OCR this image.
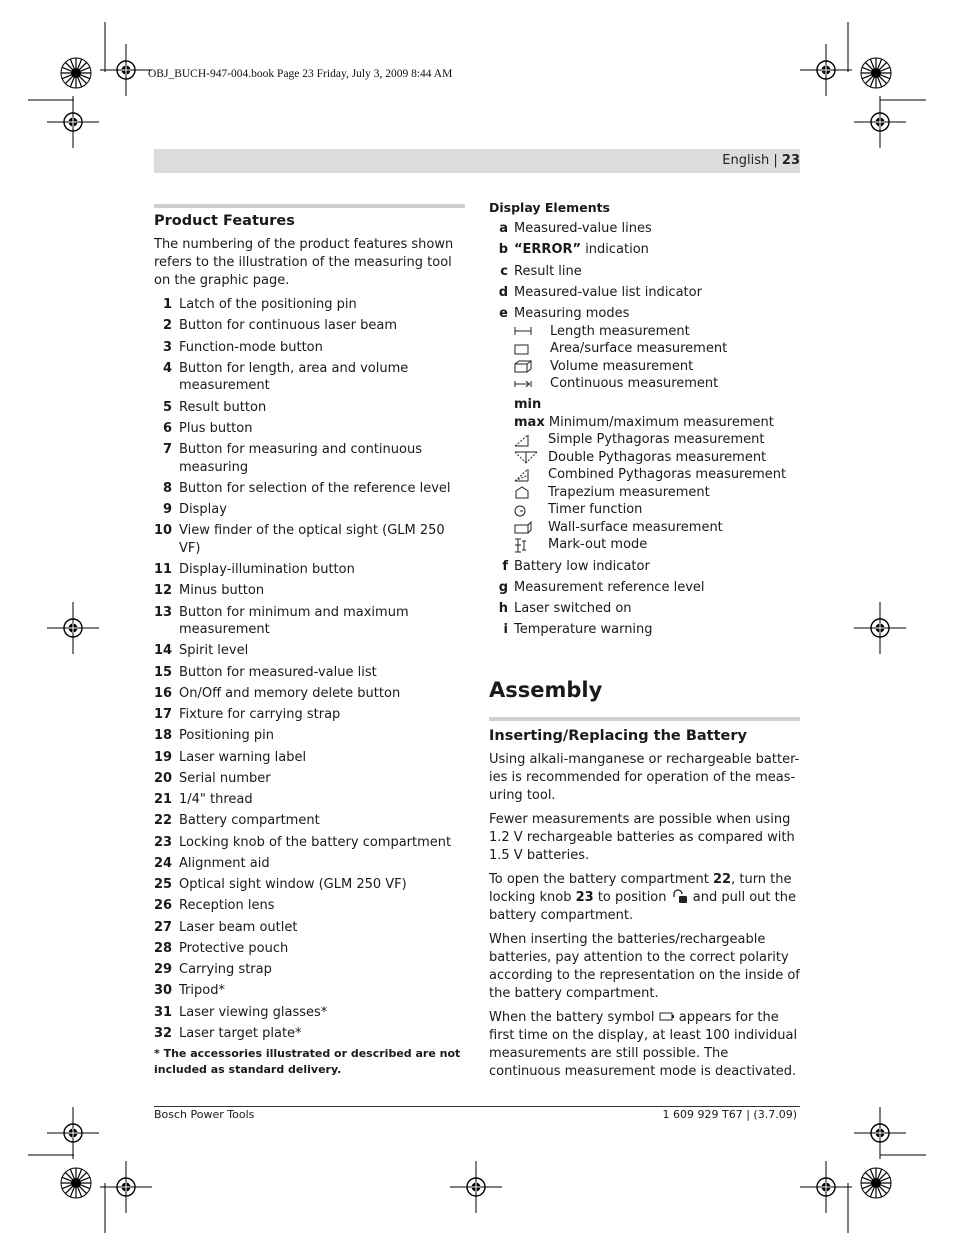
OBJ_BUCH-947-004.book Page 23 Friday, July 3, 2009 8:44 AM
English | 23
Product Features

The numbering of the product features shown refers to the illustration of the measuring tool on the graphic page.

1 Latch of the positioning pin
2 Button for continuous laser beam
3 Function-mode button
4 Button for length, area and volume measurement
5 Result button
6 Plus button
7 Button for measuring and continuous measuring
8 Button for selection of the reference level
9 Display
10 View finder of the optical sight (GLM 250 VF)
11 Display-illumination button
12 Minus button
13 Button for minimum and maximum measurement
14 Spirit level
15 Button for measured-value list
16 On/Off and memory delete button
17 Fixture for carrying strap
18 Positioning pin
19 Laser warning label
20 Serial number
21 1/4" thread
22 Battery compartment
23 Locking knob of the battery compartment
24 Alignment aid
25 Optical sight window (GLM 250 VF)
26 Reception lens
27 Laser beam outlet
28 Protective pouch
29 Carrying strap
30 Tripod*
31 Laser viewing glasses*
32 Laser target plate*
* The accessories illustrated or described are not included as standard delivery.
Display Elements
a Measured-value lines
b “ERROR” indication
c Result line
d Measured-value list indicator
e Measuring modes
Length measurement
Area/surface measurement
Volume measurement
Continuous measurement
min
max Minimum/maximum measurement
Simple Pythagoras measurement
Double Pythagoras measurement
Combined Pythagoras measurement
Trapezium measurement
Timer function
Wall-surface measurement
Mark-out mode
f Battery low indicator
g Measurement reference level
h Laser switched on
i Temperature warning
Assembly
Inserting/Replacing the Battery

Using alkali-manganese or rechargeable batter-ies is recommended for operation of the meas-uring tool.

Fewer measurements are possible when using 1.2 V rechargeable batteries as compared with 1.5 V batteries.

To open the battery compartment 22, turn the locking knob 23 to position  and pull out the battery compartment.

When inserting the batteries/rechargeable batteries, pay attention to the correct polarity according to the representation on the inside of the battery compartment.

When the battery symbol  appears for the first time on the display, at least 100 individual measurements are still possible. The continuous measurement mode is deactivated.

Bosch Power Tools	1 609 929 T67 | (3.7.09)
